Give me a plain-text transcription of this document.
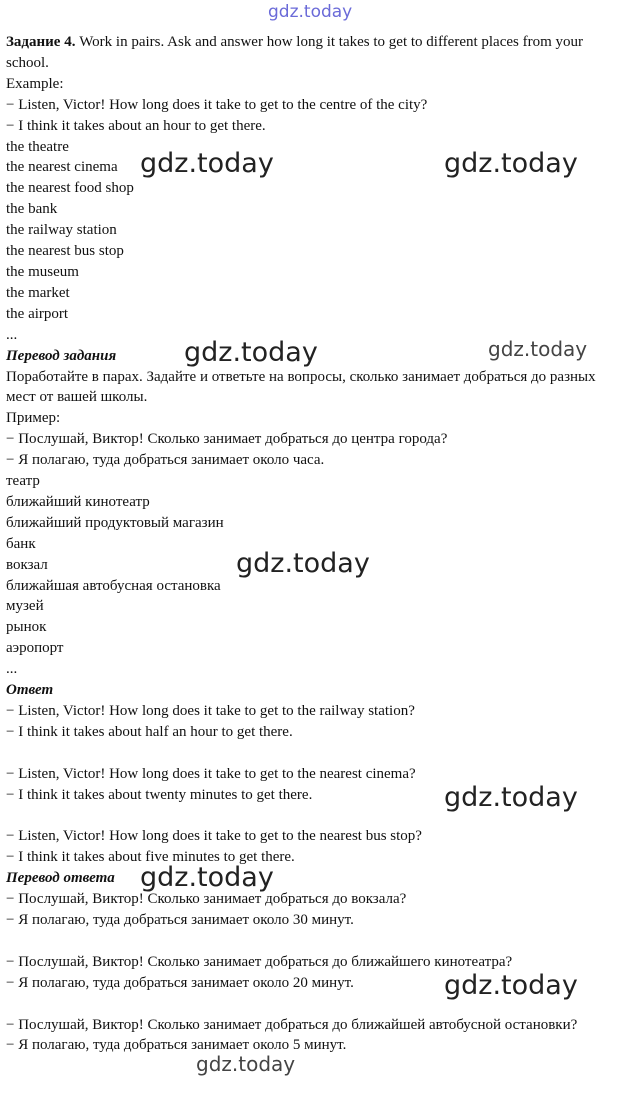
Задание 4. Work in pairs. Ask and answer how long it takes to get to different places from your school.
Example:
− Listen, Victor! How long does it take to get to the centre of the city?
− I think it takes about an hour to get there.
the theatre
the nearest cinema
the nearest food shop
the bank
the railway station
the nearest bus stop
the museum
the market
the airport
...
Перевод задания
Поработайте в парах. Задайте и ответьте на вопросы, сколько занимает добраться до разных мест от вашей школы.
Пример:
− Послушай, Виктор! Сколько занимает добраться до центра города?
− Я полагаю, туда добраться занимает около часа.
театр
ближайший кинотеатр
ближайший продуктовый магазин
банк
вокзал
ближайшая автобусная остановка
музей
рынок
аэропорт
...
Ответ
− Listen, Victor! How long does it take to get to the railway station?
− I think it takes about half an hour to get there.
− Listen, Victor! How long does it take to get to the nearest cinema?
− I think it takes about twenty minutes to get there.
− Listen, Victor! How long does it take to get to the nearest bus stop?
− I think it takes about five minutes to get there.
Перевод ответа
− Послушай, Виктор! Сколько занимает добраться до вокзала?
− Я полагаю, туда добраться занимает около 30 минут.
− Послушай, Виктор! Сколько занимает добраться до ближайшего кинотеатра?
− Я полагаю, туда добраться занимает около 20 минут.
− Послушай, Виктор! Сколько занимает добраться до ближайшей автобусной остановки?
− Я полагаю, туда добраться занимает около 5 минут.
gdz.today
gdz.today	gdz.today
gdz.today	gdz.today
gdz.today
gdz.today
gdz.today
gdz.today
gdz.today
